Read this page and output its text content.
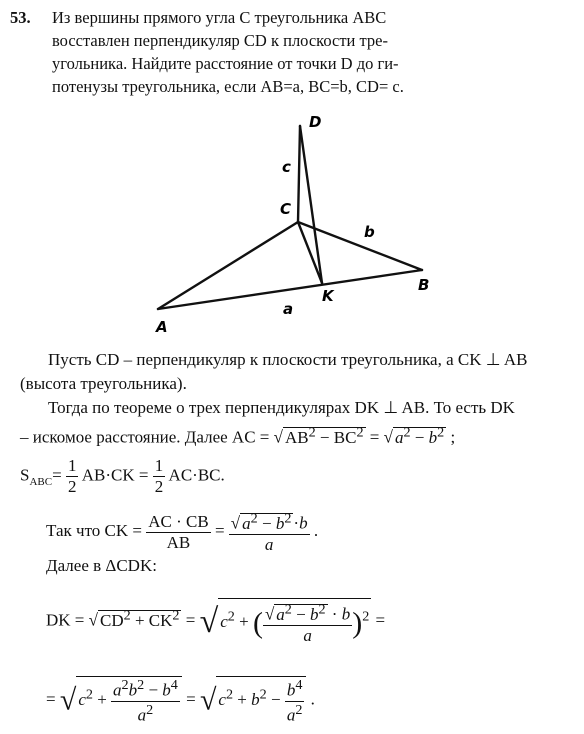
53. Из вершины прямого угла C треугольника ABC
восставлен перпендикуляр CD к плоскости тре-
угольника. Найдите расстояние от точки D до ги-
потенузы треугольника, если AB=a, BC=b, CD= c.
D
c
C
b
B
a
K
A
Пусть CD – перпендикуляр к плоскости треугольника, а CK ⊥ AB
(высота треугольника).
Тогда по теореме о трех перпендикулярах DK ⊥ AB. То есть DK
– искомое расстояние. Далее AC = √ $AB^2 - BC^2$ = √ $a^2 - b^2$ ;
$S_{ABC}= \frac{1}{2} AB\cdot CK = \frac{1}{2} AC\cdot BC$.
Так что CK = $\frac{AC \cdot CB}{AB} = \frac{√ a^2 - b^2 \cdot b}{a}$ .
Далее в ΔCDK:
DK = √ $CD^2 + CK^2$ = √ $c^2$ + ( $\frac{√ a^2 - b^2 \cdot b}{a} )^2$ =
= √ $c^2 + \frac{a^2b^2 - b^4}{a^2}$ = √ $c^2 + b^2 - \frac{b^4}{a^2}$ .
